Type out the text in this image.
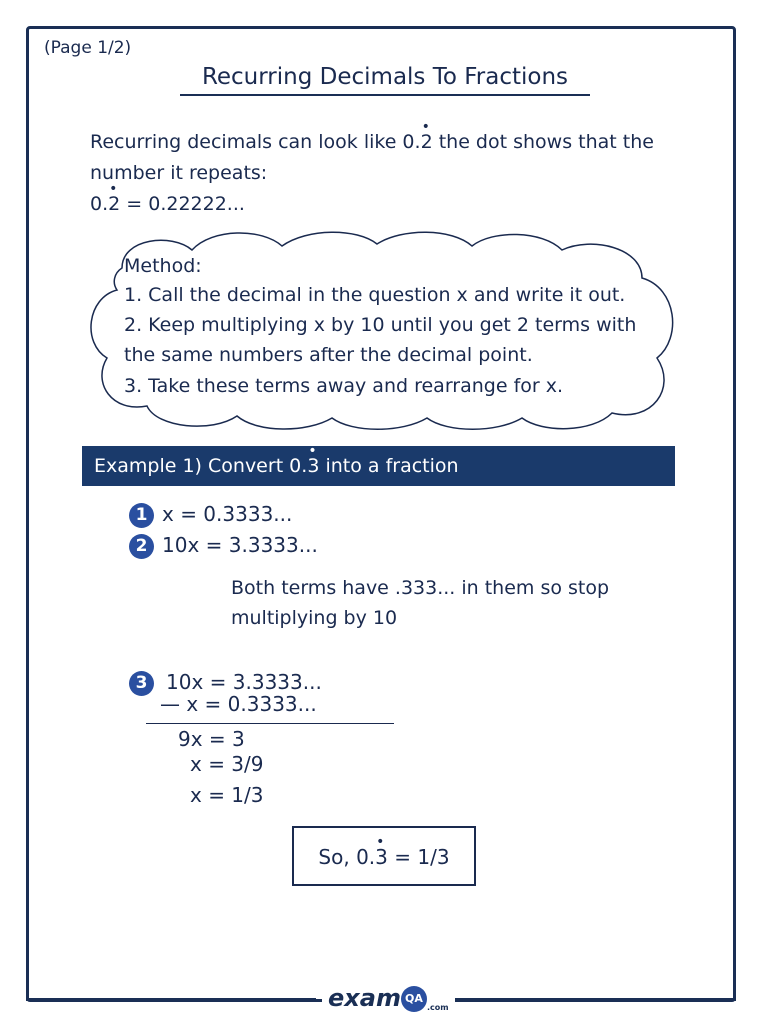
(Page 1/2)
Recurring Decimals To Fractions
Recurring decimals can look like 0.• 2 the dot shows that the
number it repeats:
0.• 2 = 0.22222...
Method:
1. Call the decimal in the question x and write it out.
2. Keep multiplying x by 10 until you get 2 terms with
the same numbers after the decimal point.
3. Take these terms away and rearrange for x.
Example 1) Convert 0.• 3 into a fraction
1 x = 0.3333...
2 10x = 3.3333...
Both terms have .333... in them so stop
multiplying by 10
3 10x = 3.3333...
— x = 0.3333...
9x = 3
x = 3/9
x = 1/3
So, 0.• 3 = 1/3
exam QA.com
